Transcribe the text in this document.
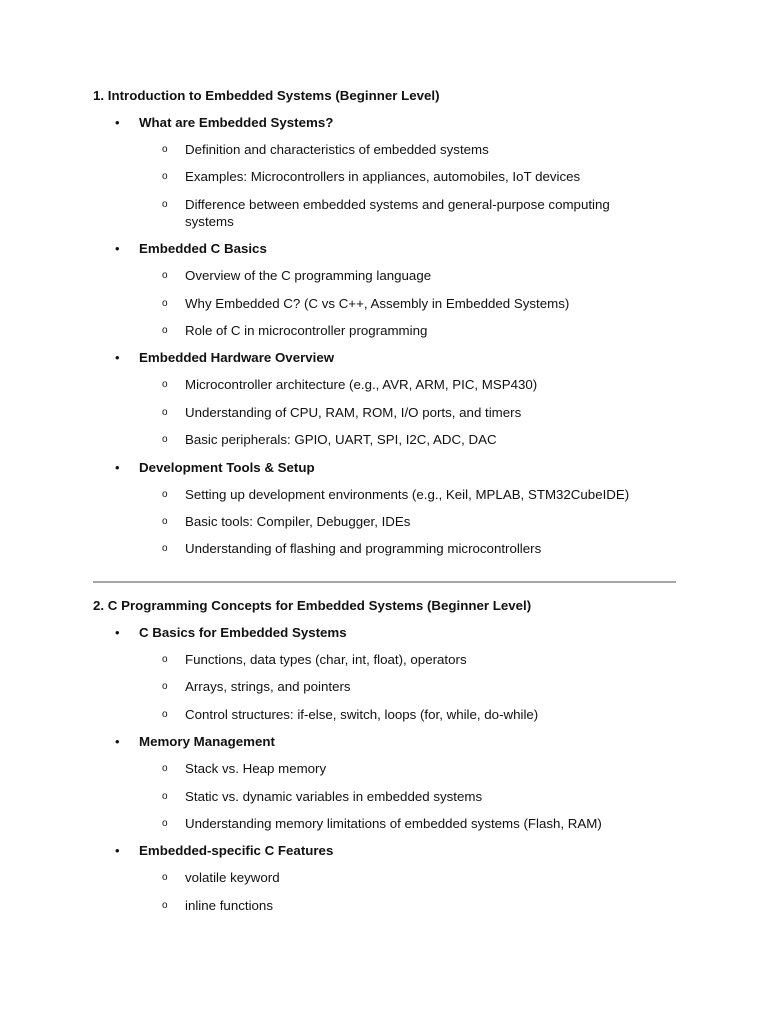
1. Introduction to Embedded Systems (Beginner Level)
• What are Embedded Systems?
o Definition and characteristics of embedded systems
o Examples: Microcontrollers in appliances, automobiles, IoT devices
o Difference between embedded systems and general-purpose computing systems
• Embedded C Basics
o Overview of the C programming language
o Why Embedded C? (C vs C++, Assembly in Embedded Systems)
o Role of C in microcontroller programming
• Embedded Hardware Overview
o Microcontroller architecture (e.g., AVR, ARM, PIC, MSP430)
o Understanding of CPU, RAM, ROM, I/O ports, and timers
o Basic peripherals: GPIO, UART, SPI, I2C, ADC, DAC
• Development Tools & Setup
o Setting up development environments (e.g., Keil, MPLAB, STM32CubeIDE)
o Basic tools: Compiler, Debugger, IDEs
o Understanding of flashing and programming microcontrollers
2. C Programming Concepts for Embedded Systems (Beginner Level)
• C Basics for Embedded Systems
o Functions, data types (char, int, float), operators
o Arrays, strings, and pointers
o Control structures: if-else, switch, loops (for, while, do-while)
• Memory Management
o Stack vs. Heap memory
o Static vs. dynamic variables in embedded systems
o Understanding memory limitations of embedded systems (Flash, RAM)
• Embedded-specific C Features
o volatile keyword
o inline functions
